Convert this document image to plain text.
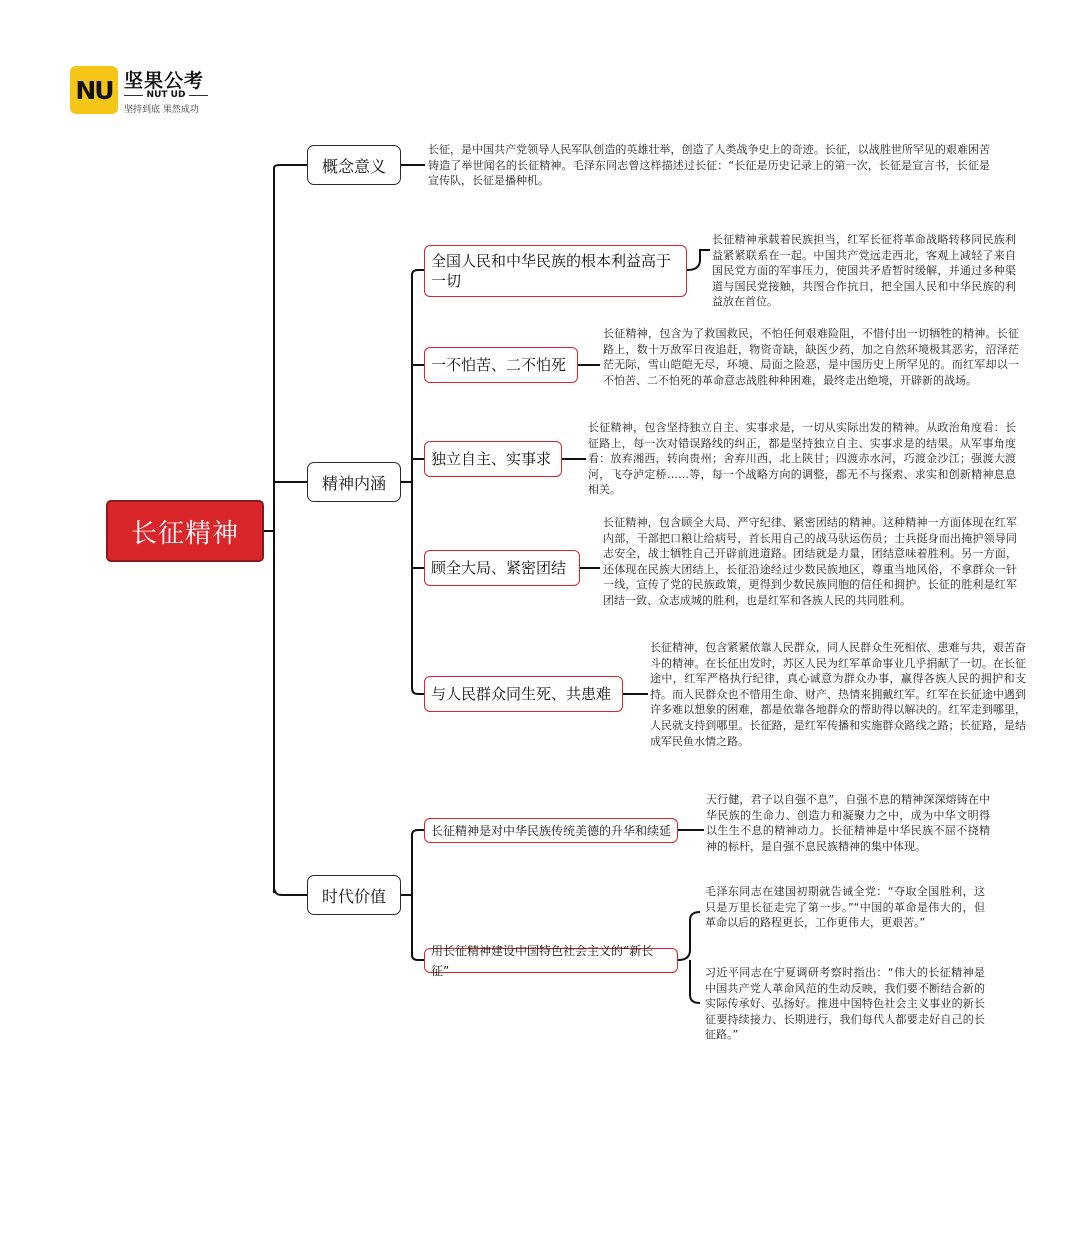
NU 坚果公考
NUT UD
坚持到底 果然成功
长征精神
概念意义

长征，是中国共产党领导人民军队创造的英雄壮举，创造了人类战争史上的奇迹。长征，以战胜世所罕见的艰难困苦铸造了举世闻名的长征精神。毛泽东同志曾这样描述过长征：“长征是历史记录上的第一次，长征是宣言书，长征是宣传队，长征是播种机。

精神内涵
全国人民和中华民族的根本利益高于一切

长征精神承载着民族担当，红军长征将革命战略转移同民族利益紧紧联系在一起。中国共产党远走西北，客观上减轻了来自国民党方面的军事压力，使国共矛盾暂时缓解，并通过多种渠道与国民党接触，共图合作抗日，把全国人民和中华民族的利益放在首位。

一不怕苦、二不怕死

长征精神，包含为了救国救民，不怕任何艰难险阻，不惜付出一切牺牲的精神。长征路上，数十万敌军日夜追赶，物资奇缺，缺医少药，加之自然环境极其恶劣，沼泽茫茫无际，雪山皑皑无尽，环境、局面之险恶，是中国历史上所罕见的。而红军却以一不怕苦、二不怕死的革命意志战胜种种困难，最终走出绝境，开辟新的战场。

独立自主、实事求

长征精神，包含坚持独立自主、实事求是，一切从实际出发的精神。从政治角度看：长征路上，每一次对错误路线的纠正，都是坚持独立自主、实事求是的结果。从军事角度看：放弃湘西，转向贵州；舍弃川西，北上陕甘；四渡赤水河，巧渡金沙江；强渡大渡河，飞夺泸定桥……等，每一个战略方向的调整，都无不与探索、求实和创新精神息息相关。

顾全大局、紧密团结

长征精神，包含顾全大局、严守纪律、紧密团结的精神。这种精神一方面体现在红军内部，干部把口粮让给病号，首长用自己的战马驮运伤员；士兵挺身而出掩护领导同志安全，战士牺牲自己开辟前进道路。团结就是力量，团结意味着胜利。另一方面，还体现在民族大团结上，长征沿途经过少数民族地区，尊重当地风俗，不拿群众一针一线，宣传了党的民族政策，更得到少数民族同胞的信任和拥护。长征的胜利是红军团结一致、众志成城的胜利，也是红军和各族人民的共同胜利。

与人民群众同生死、共患难

长征精神，包含紧紧依靠人民群众，同人民群众生死相依、患难与共，艰苦奋斗的精神。在长征出发时，苏区人民为红军革命事业几乎捐献了一切。在长征途中，红军严格执行纪律，真心诚意为群众办事，赢得各族人民的拥护和支持。而人民群众也不惜用生命、财产、热情来拥戴红军。红军在长征途中遇到许多难以想象的困难，都是依靠各地群众的帮助得以解决的。红军走到哪里，人民就支持到哪里。长征路，是红军传播和实施群众路线之路；长征路，是结成军民鱼水情之路。

时代价值
长征精神是对中华民族传统美德的升华和续延

天行健，君子以自强不息”，自强不息的精神深深熔铸在中华民族的生命力、创造力和凝聚力之中，成为中华文明得以生生不息的精神动力。长征精神是中华民族不屈不挠精神的标杆，是自强不息民族精神的集中体现。

用长征精神建设中国特色社会主义的“新长征”

毛泽东同志在建国初期就告诫全党：“夺取全国胜利，这只是万里长征走完了第一步。”“中国的革命是伟大的，但革命以后的路程更长，工作更伟大，更艰苦。”

习近平同志在宁夏调研考察时指出：“伟大的长征精神是中国共产党人革命风范的生动反映，我们要不断结合新的实际传承好、弘扬好。推进中国特色社会主义事业的新长征要持续接力、长期进行，我们每代人都要走好自己的长征路。”
